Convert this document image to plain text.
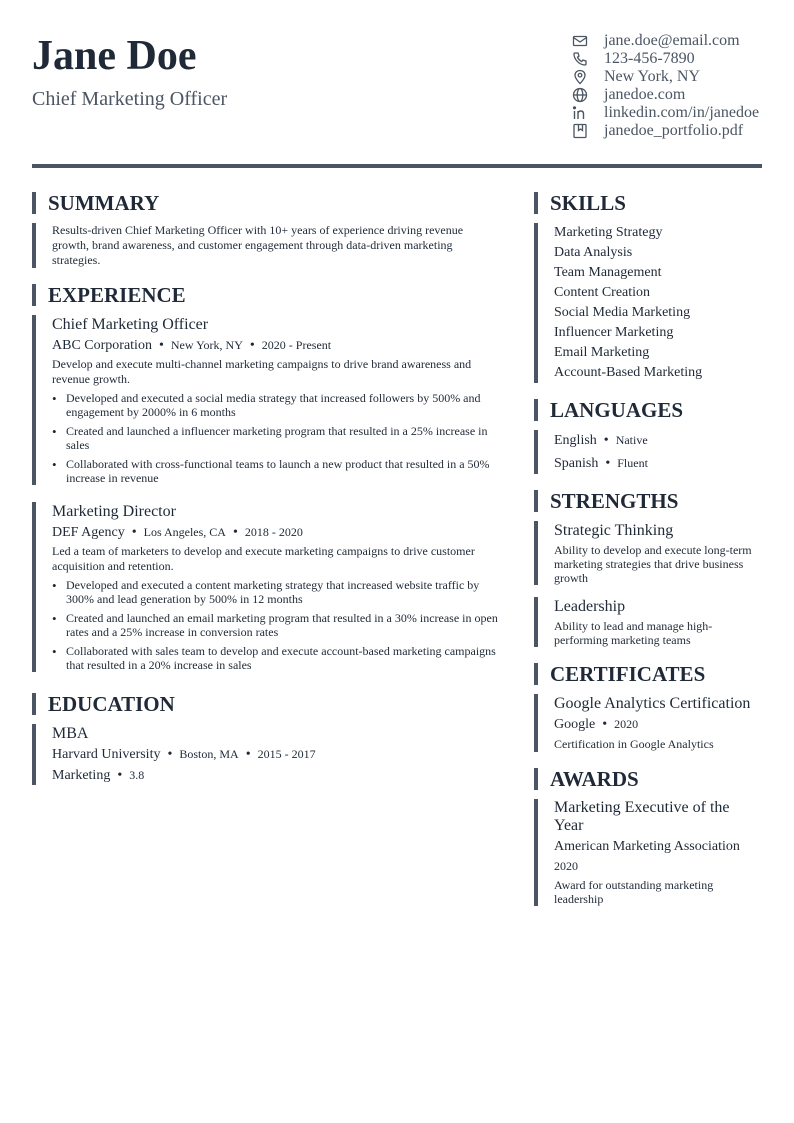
Jane Doe
Chief Marketing Officer
jane.doe@email.com
123-456-7890
New York, NY
janedoe.com
linkedin.com/in/janedoe
janedoe_portfolio.pdf
SUMMARY
Results-driven Chief Marketing Officer with 10+ years of experience driving revenue growth, brand awareness, and customer engagement through data-driven marketing strategies.
EXPERIENCE
Chief Marketing Officer
ABC Corporation • New York, NY • 2020 - Present
Develop and execute multi-channel marketing campaigns to drive brand awareness and revenue growth.
• Developed and executed a social media strategy that increased followers by 500% and engagement by 2000% in 6 months
• Created and launched a influencer marketing program that resulted in a 25% increase in sales
• Collaborated with cross-functional teams to launch a new product that resulted in a 50% increase in revenue
Marketing Director
DEF Agency • Los Angeles, CA • 2018 - 2020
Led a team of marketers to develop and execute marketing campaigns to drive customer acquisition and retention.
• Developed and executed a content marketing strategy that increased website traffic by 300% and lead generation by 500% in 12 months
• Created and launched an email marketing program that resulted in a 30% increase in open rates and a 25% increase in conversion rates
• Collaborated with sales team to develop and execute account-based marketing campaigns that resulted in a 20% increase in sales
EDUCATION
MBA
Harvard University • Boston, MA • 2015 - 2017
Marketing • 3.8
SKILLS
Marketing Strategy
Data Analysis
Team Management
Content Creation
Social Media Marketing
Influencer Marketing
Email Marketing
Account-Based Marketing
LANGUAGES
English • Native
Spanish • Fluent
STRENGTHS
Strategic Thinking
Ability to develop and execute long-term marketing strategies that drive business growth
Leadership
Ability to lead and manage high-performing marketing teams
CERTIFICATES
Google Analytics Certification
Google • 2020
Certification in Google Analytics
AWARDS
Marketing Executive of the Year
American Marketing Association
2020
Award for outstanding marketing leadership
